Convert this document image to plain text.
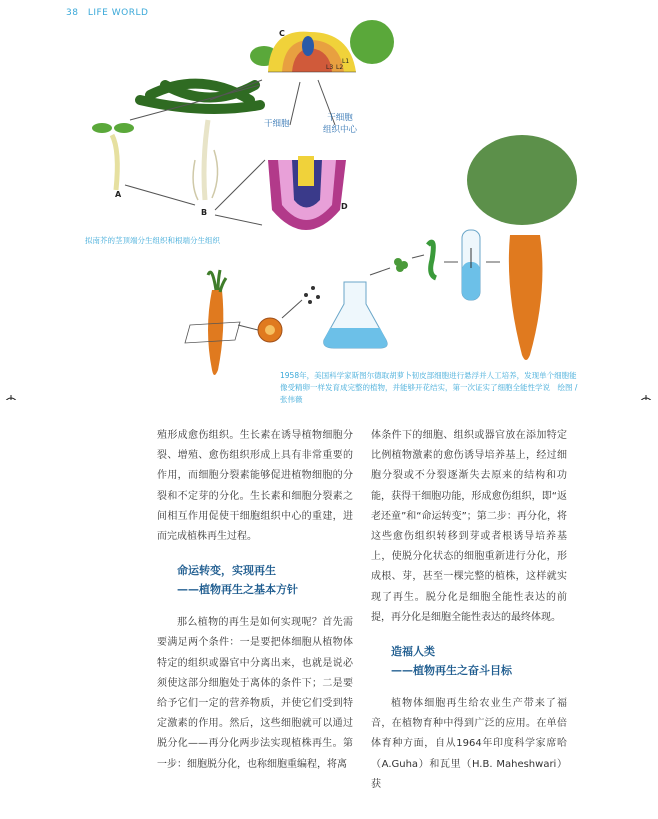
38 LIFE WORLD
C
A
B
D
L1
L2
L3
干细胞
干细胞
组织中心
拟南芥的茎顶端分生组织和根端分生组织
1958年，美国科学家斯图尔德取胡萝卜韧皮部细胞进行悬浮并人工培养，发现单个细胞能像受精卵一样发育成完整的植物，并能够开花结实，第一次证实了细胞全能性学说　绘图 / 张伟薇

殖形成愈伤组织。生长素在诱导植物细胞分裂、增殖、愈伤组织形成上具有非常重要的作用，而细胞分裂素能够促进植物细胞的分裂和不定芽的分化。生长素和细胞分裂素之间相互作用促使干细胞组织中心的重建，进而完成植株再生过程。

命运转变，实现再生
——植物再生之基本方针

那么植物的再生是如何实现呢？首先需要满足两个条件：一是要把体细胞从植物体特定的组织或器官中分离出来，也就是说必须使这部分细胞处于离体的条件下；二是要给予它们一定的营养物质，并使它们受到特定激素的作用。然后，这些细胞就可以通过脱分化——再分化两步法实现植株再生。第一步：细胞脱分化，也称细胞重编程，将离

体条件下的细胞、组织或器官放在添加特定比例植物激素的愈伤诱导培养基上，经过细胞分裂或不分裂逐渐失去原来的结构和功能，获得干细胞功能，形成愈伤组织，即“返老还童”和“命运转变”；第二步：再分化，将这些愈伤组织转移到芽或者根诱导培养基上，使脱分化状态的细胞重新进行分化，形成根、芽，甚至一棵完整的植株，这样就实现了再生。脱分化是细胞全能性表达的前提，再分化是细胞全能性表达的最终体现。

造福人类
——植物再生之奋斗目标

植物体细胞再生给农业生产带来了福音，在植物育种中得到广泛的应用。在单倍体育种方面，自从1964年印度科学家席哈（A.Guha）和瓦里（H.B. Maheshwari）获
